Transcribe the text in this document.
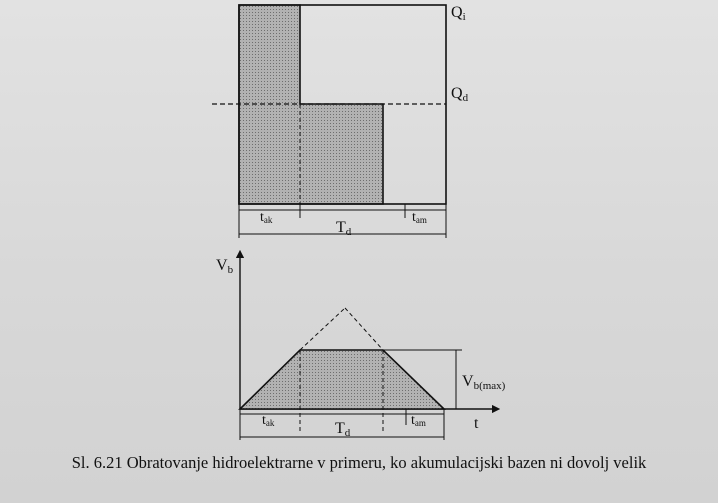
Qi
Qd
tak	tam
Td
Vb
Vb(max)
t
tak	tam
Td
Sl. 6.21 Obratovanje hidroelektrarne v primeru, ko akumulacijski bazen ni dovolj velik
